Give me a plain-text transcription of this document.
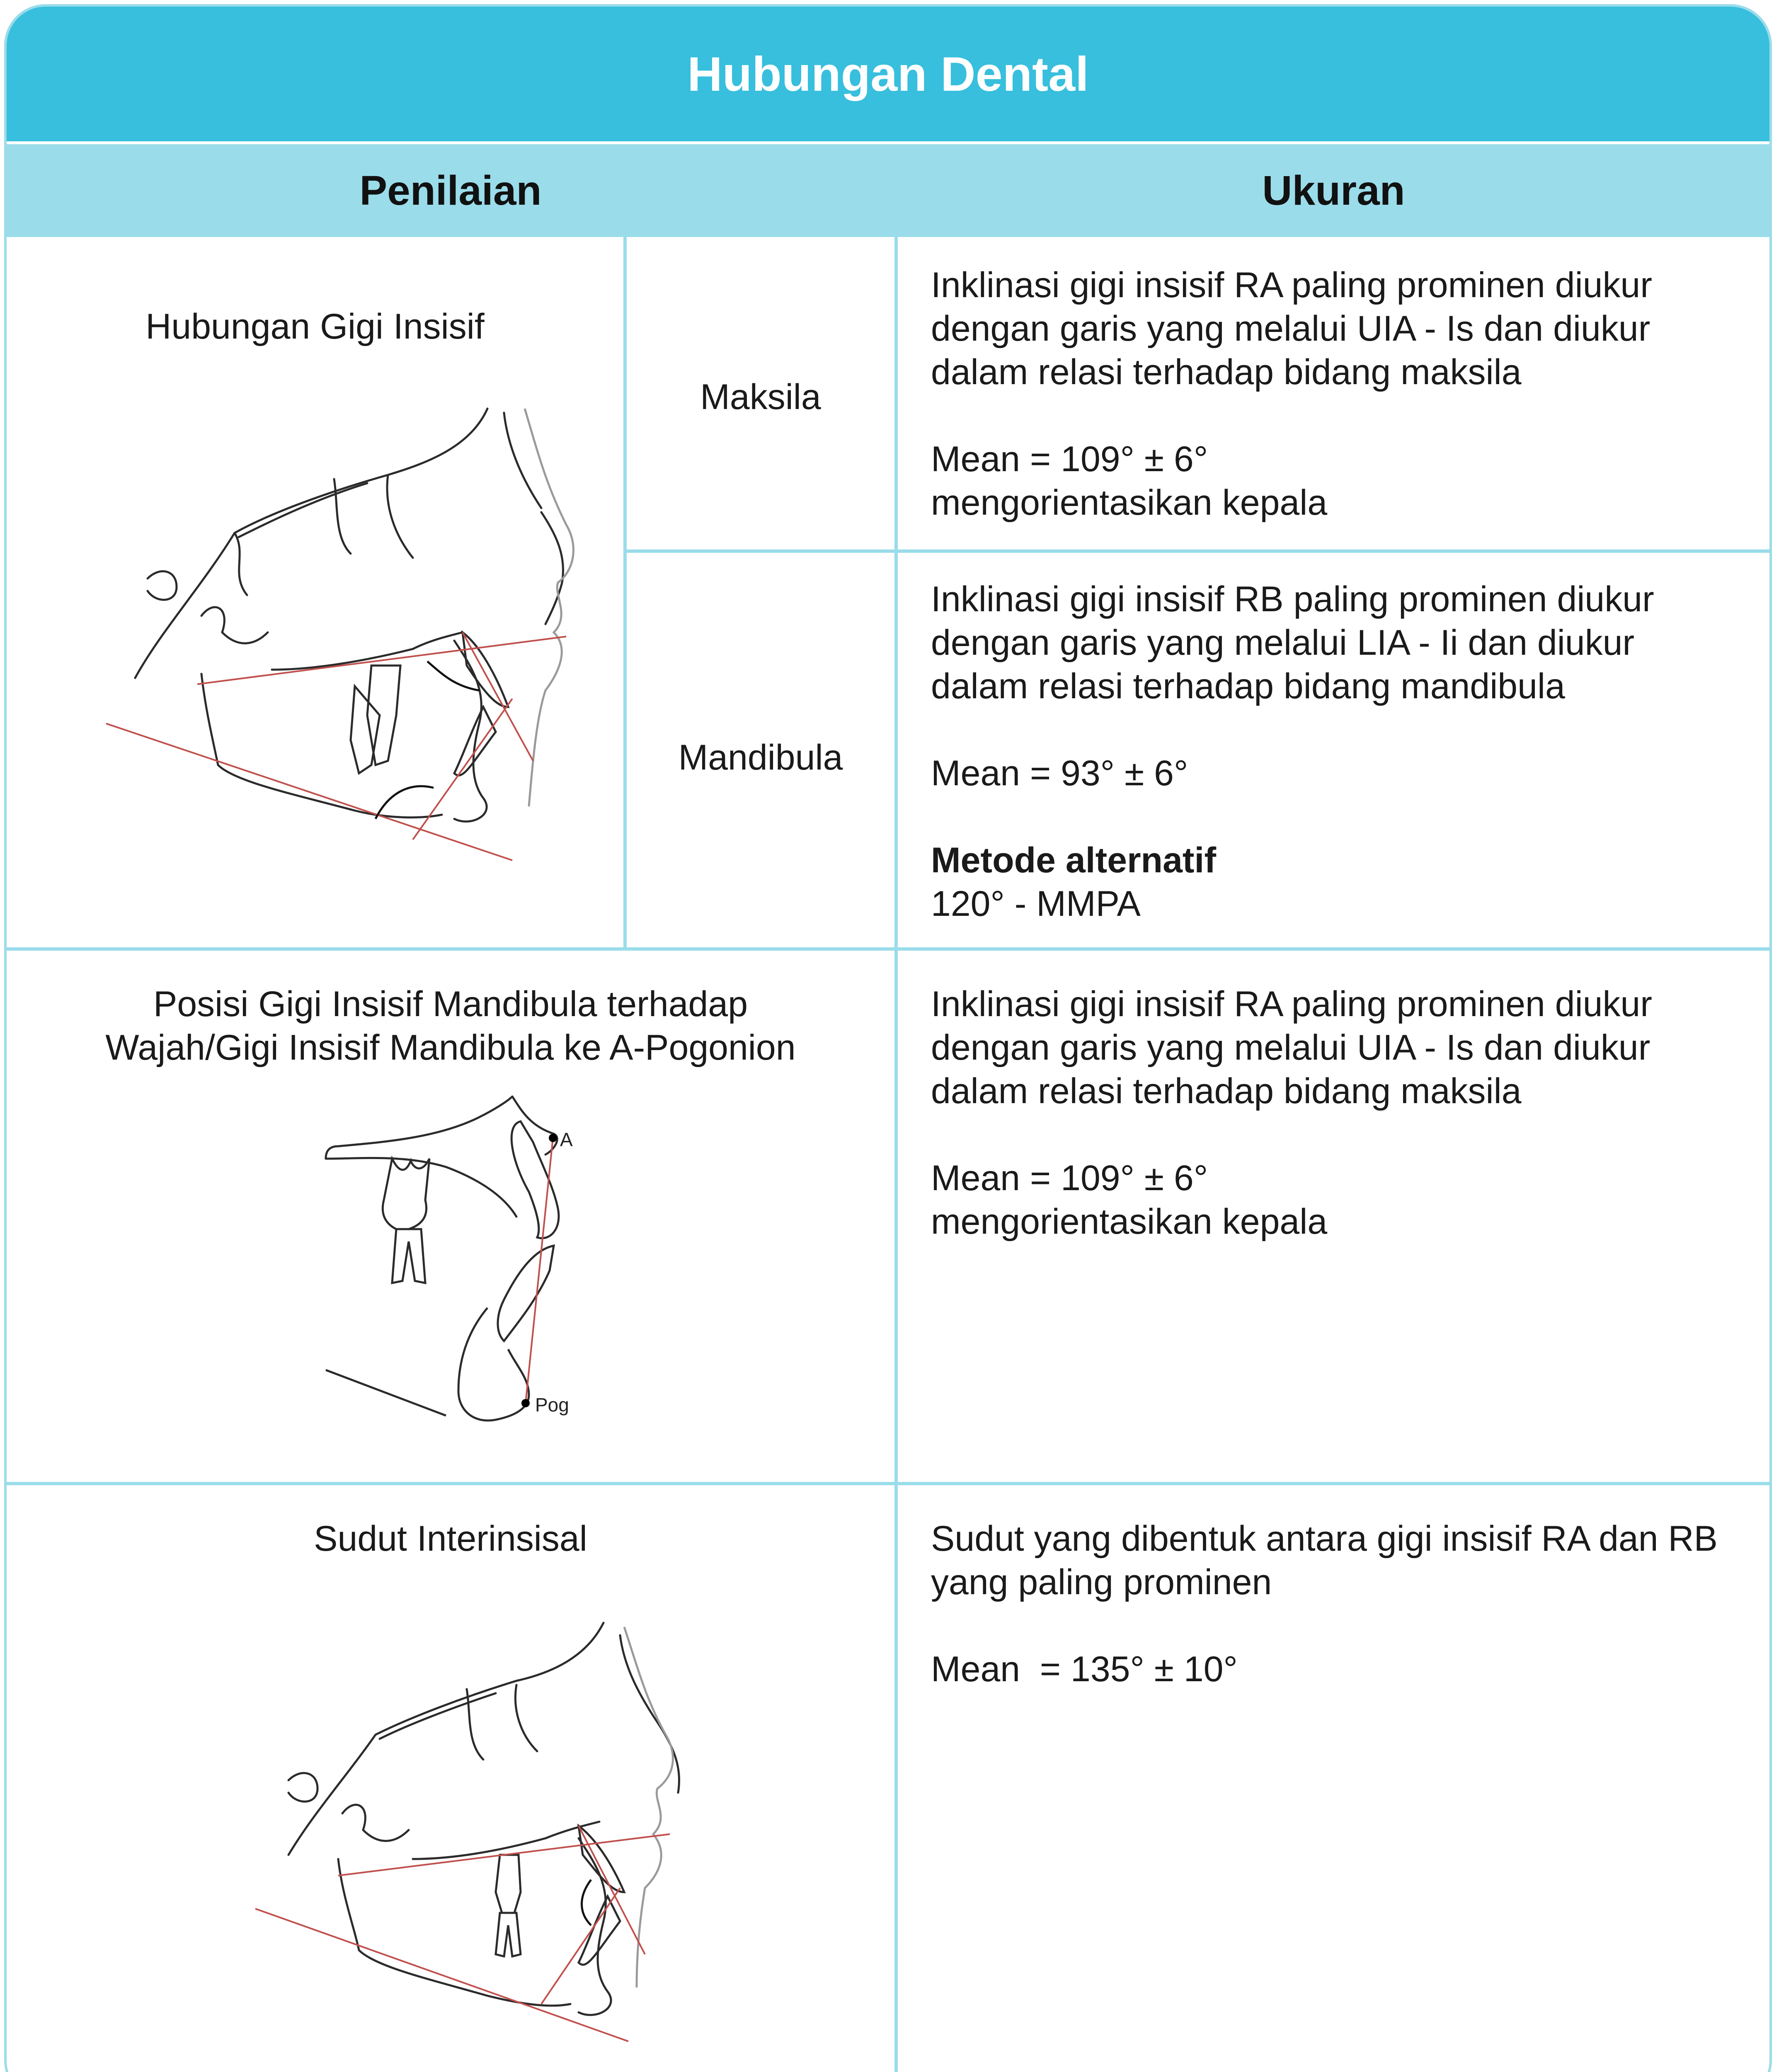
Hubungan Dental
Penilaian	Ukuran
Hubungan Gigi Insisif
Maksila

Inklinasi gigi insisif RA paling prominen diukur dengan garis yang melalui UIA - Is dan diukur dalam relasi terhadap bidang maksila

Mean = 109° ± 6°

mengorientasikan kepala

Mandibula

Inklinasi gigi insisif RB paling prominen diukur dengan garis yang melalui LIA - Ii dan diukur dalam relasi terhadap bidang mandibula

Mean = 93° ± 6°

Metode alternatif

120° - MMPA

Posisi Gigi Insisif Mandibula terhadap

Wajah/Gigi Insisif Mandibula ke A-Pogonion

A
Pog

Inklinasi gigi insisif RA paling prominen diukur dengan garis yang melalui UIA - Is dan diukur dalam relasi terhadap bidang maksila

Mean = 109° ± 6°

mengorientasikan kepala

Sudut Interinsisal	Sudut yang dibentuk antara gigi insisif RA dan RB yang paling prominen

Mean  = 135° ± 10°
